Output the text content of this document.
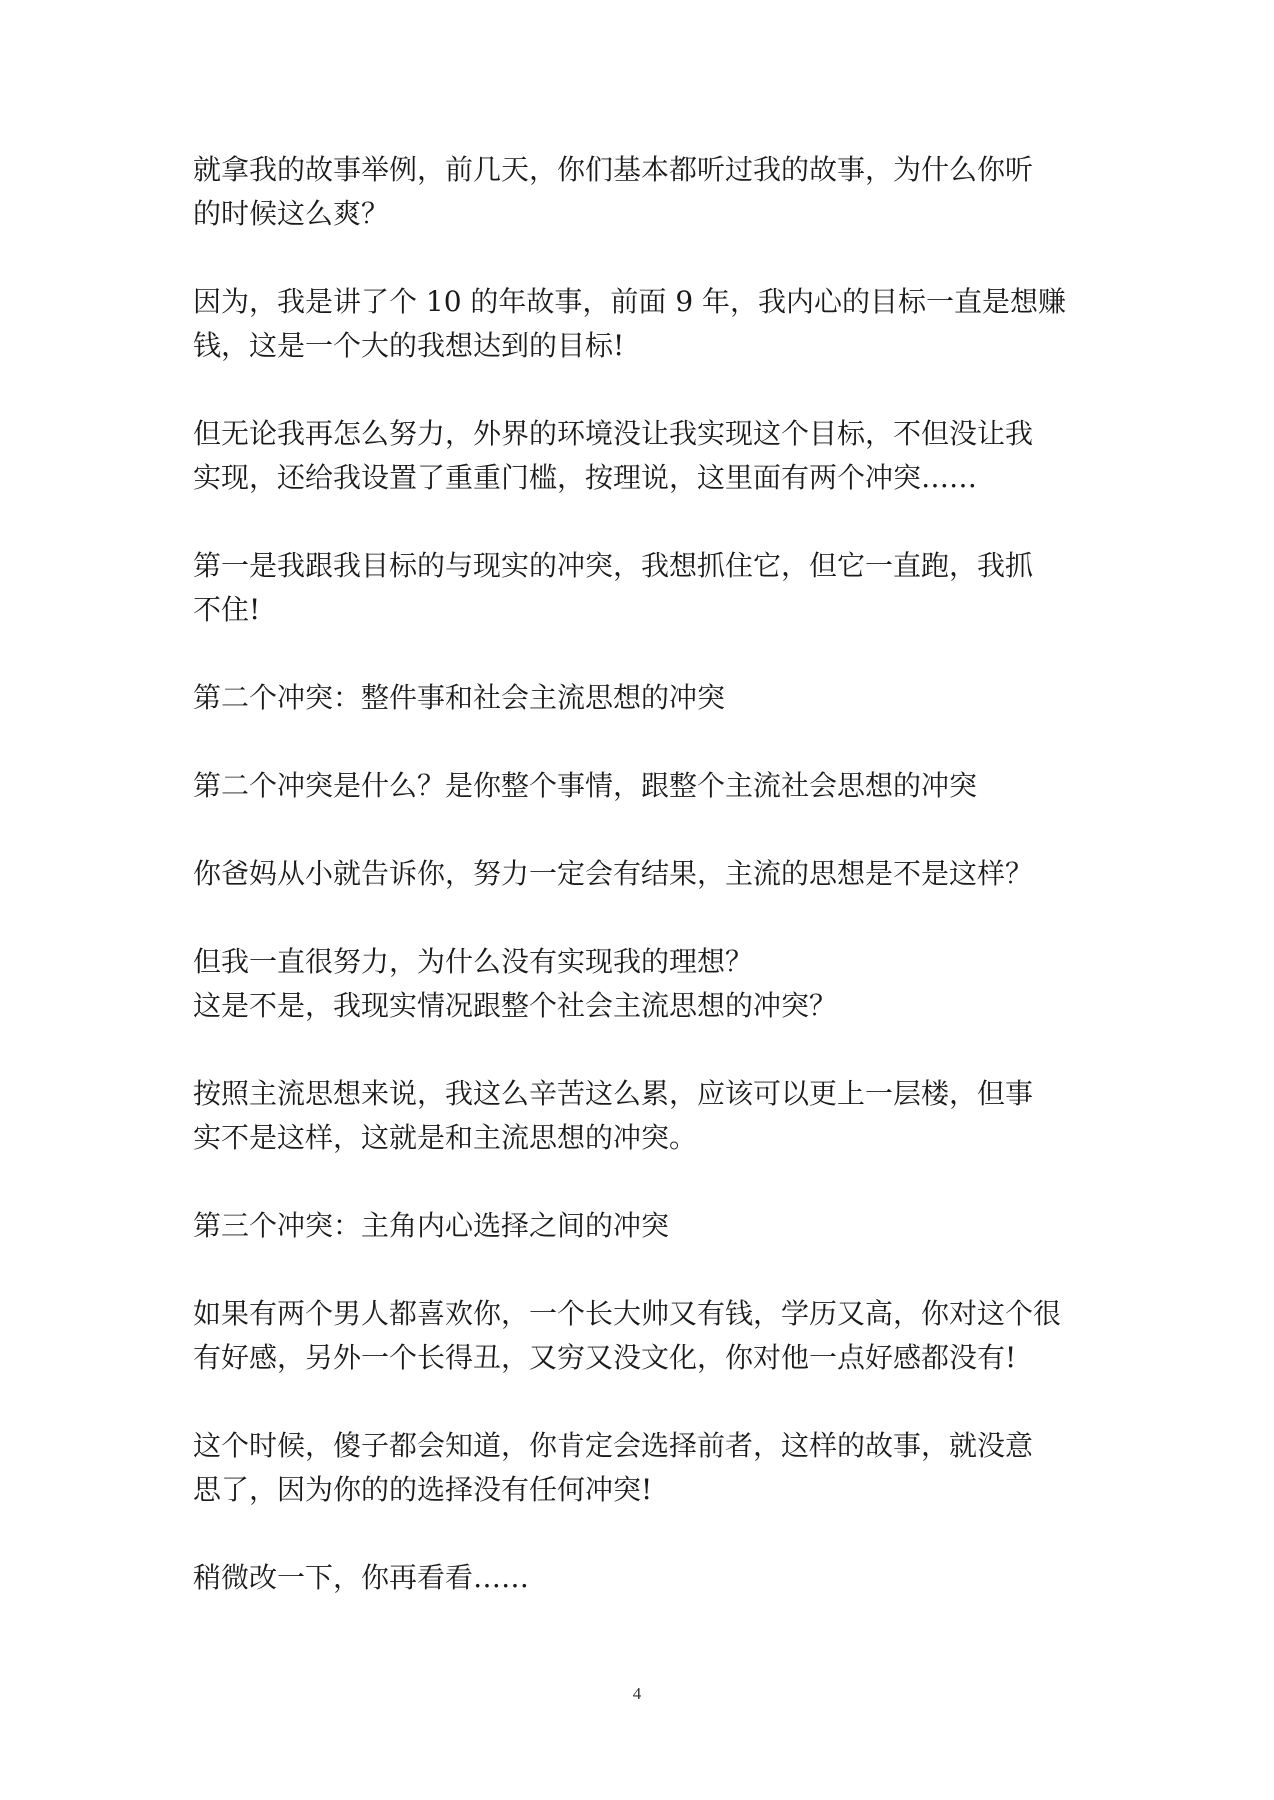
就拿我的故事举例，前几天，你们基本都听过我的故事，为什么你听
的时候这么爽？

因为，我是讲了个 10 的年故事，前面 9 年，我内心的目标一直是想赚
钱，这是一个大的我想达到的目标!

但无论我再怎么努力，外界的环境没让我实现这个目标，不但没让我
实现，还给我设置了重重门槛，按理说，这里面有两个冲突……

第一是我跟我目标的与现实的冲突，我想抓住它，但它一直跑，我抓
不住!

第二个冲突：整件事和社会主流思想的冲突

第二个冲突是什么？是你整个事情，跟整个主流社会思想的冲突

你爸妈从小就告诉你，努力一定会有结果，主流的思想是不是这样？

但我一直很努力，为什么没有实现我的理想？
这是不是，我现实情况跟整个社会主流思想的冲突？

按照主流思想来说，我这么辛苦这么累，应该可以更上一层楼，但事
实不是这样，这就是和主流思想的冲突。

第三个冲突：主角内心选择之间的冲突

如果有两个男人都喜欢你，一个长大帅又有钱，学历又高，你对这个很
有好感，另外一个长得丑，又穷又没文化，你对他一点好感都没有!

这个时候，傻子都会知道，你肯定会选择前者，这样的故事，就没意
思了，因为你的的选择没有任何冲突!

稍微改一下，你再看看……

4
